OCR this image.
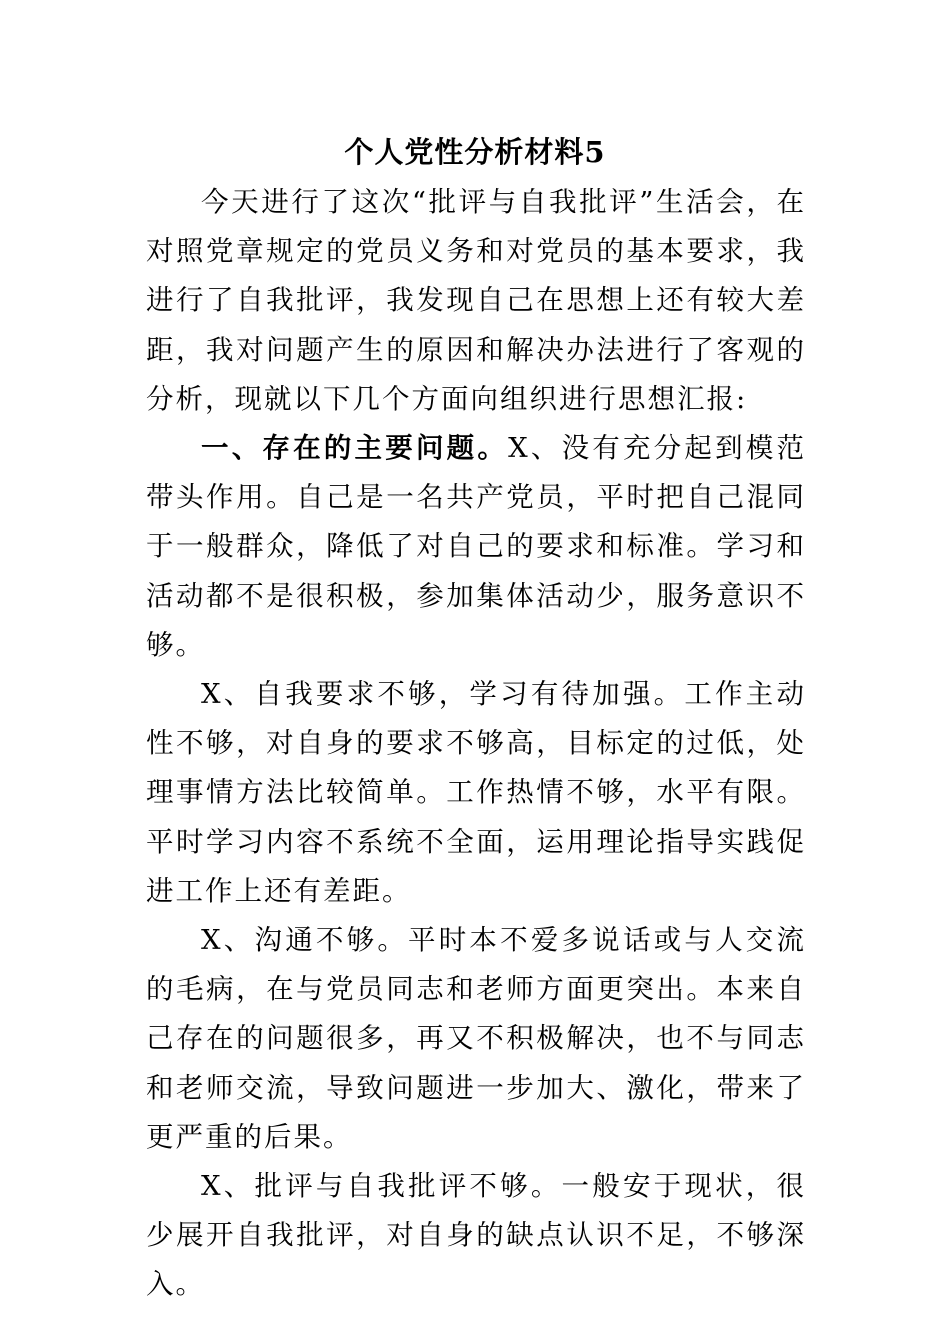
个人党性分析材料5

今天进行了这次“批评与自我批评”生活会，在对照党章规定的党员义务和对党员的基本要求，我进行了自我批评，我发现自己在思想上还有较大差距，我对问题产生的原因和解决办法进行了客观的分析，现就以下几个方面向组织进行思想汇报:

一、存在的主要问题。X、没有充分起到模范带头作用。自己是一名共产党员，平时把自己混同于一般群众，降低了对自己的要求和标准。学习和活动都不是很积极，参加集体活动少，服务意识不够。

X、自我要求不够，学习有待加强。工作主动性不够，对自身的要求不够高，目标定的过低，处理事情方法比较简单。工作热情不够，水平有限。平时学习内容不系统不全面，运用理论指导实践促进工作上还有差距。

X、沟通不够。平时本不爱多说话或与人交流的毛病，在与党员同志和老师方面更突出。本来自己存在的问题很多，再又不积极解决，也不与同志和老师交流，导致问题进一步加大、激化，带来了更严重的后果。

X、批评与自我批评不够。一般安于现状，很少展开自我批评，对自身的缺点认识不足，不够深入。
